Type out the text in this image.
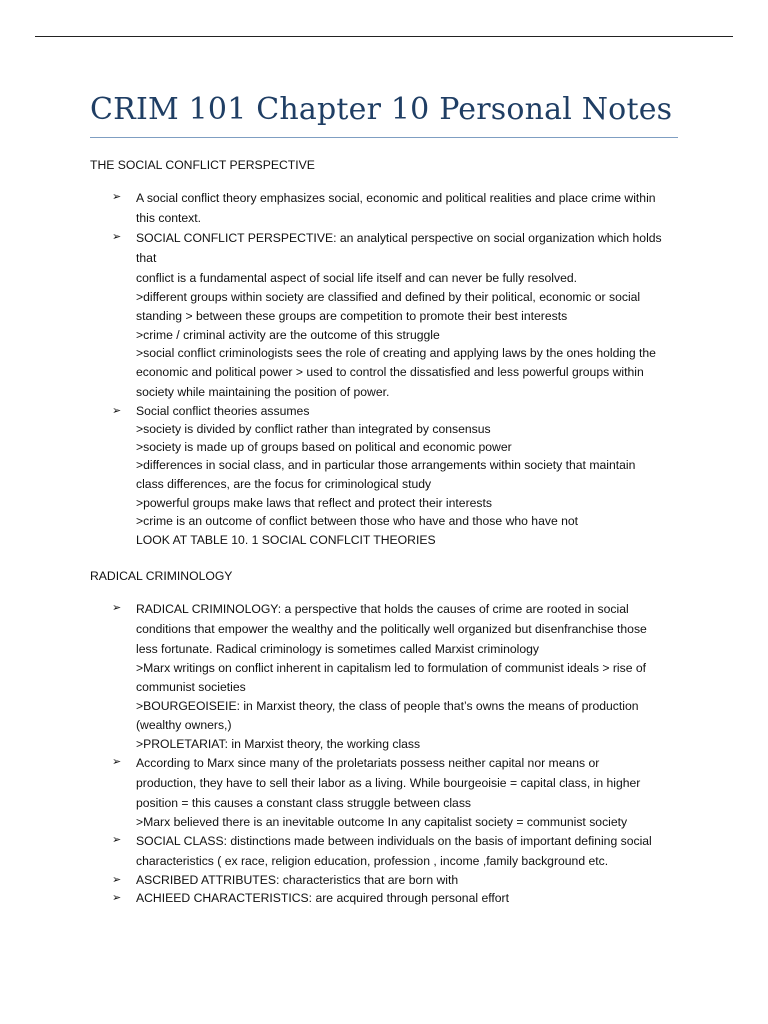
CRIM 101 Chapter 10 Personal Notes
THE SOCIAL CONFLICT PERSPECTIVE
➢ A social conflict theory emphasizes social, economic and political realities and place crime within
this context.
➢ SOCIAL CONFLICT PERSPECTIVE: an analytical perspective on social organization which holds that
conflict is a fundamental aspect of social life itself and can never be fully resolved.
>different groups within society are classified and defined by their political, economic or social
standing > between these groups are competition to promote their best interests
>crime / criminal activity are the outcome of this struggle
>social conflict criminologists sees the role of creating and applying laws by the ones holding the
economic and political power > used to control the dissatisfied and less powerful groups within
society while maintaining the position of power.
➢ Social conflict theories assumes
>society is divided by conflict rather than integrated by consensus
>society is made up of groups based on political and economic power
>differences in social class, and in particular those arrangements within society that maintain
class differences, are the focus for criminological study
>powerful groups make laws that reflect and protect their interests
>crime is an outcome of conflict between those who have and those who have not
LOOK AT TABLE 10. 1 SOCIAL CONFLCIT THEORIES
RADICAL CRIMINOLOGY
➢ RADICAL CRIMINOLOGY: a perspective that holds the causes of crime are rooted in social
conditions that empower the wealthy and the politically well organized but disenfranchise those
less fortunate. Radical criminology is sometimes called Marxist criminology
>Marx writings on conflict inherent in capitalism led to formulation of communist ideals > rise of
communist societies
>BOURGEOISEIE: in Marxist theory, the class of people that’s owns the means of production
(wealthy owners,)
>PROLETARIAT: in Marxist theory, the working class
➢ According to Marx since many of the proletariats possess neither capital nor means or
production, they have to sell their labor as a living. While bourgeoisie = capital class, in higher
position = this causes a constant class struggle between class
>Marx believed there is an inevitable outcome In any capitalist society = communist society
➢ SOCIAL CLASS: distinctions made between individuals on the basis of important defining social
characteristics ( ex race, religion education, profession , income ,family background etc.
➢ ASCRIBED ATTRIBUTES: characteristics that are born with
➢ ACHIEED CHARACTERISTICS: are acquired through personal effort
